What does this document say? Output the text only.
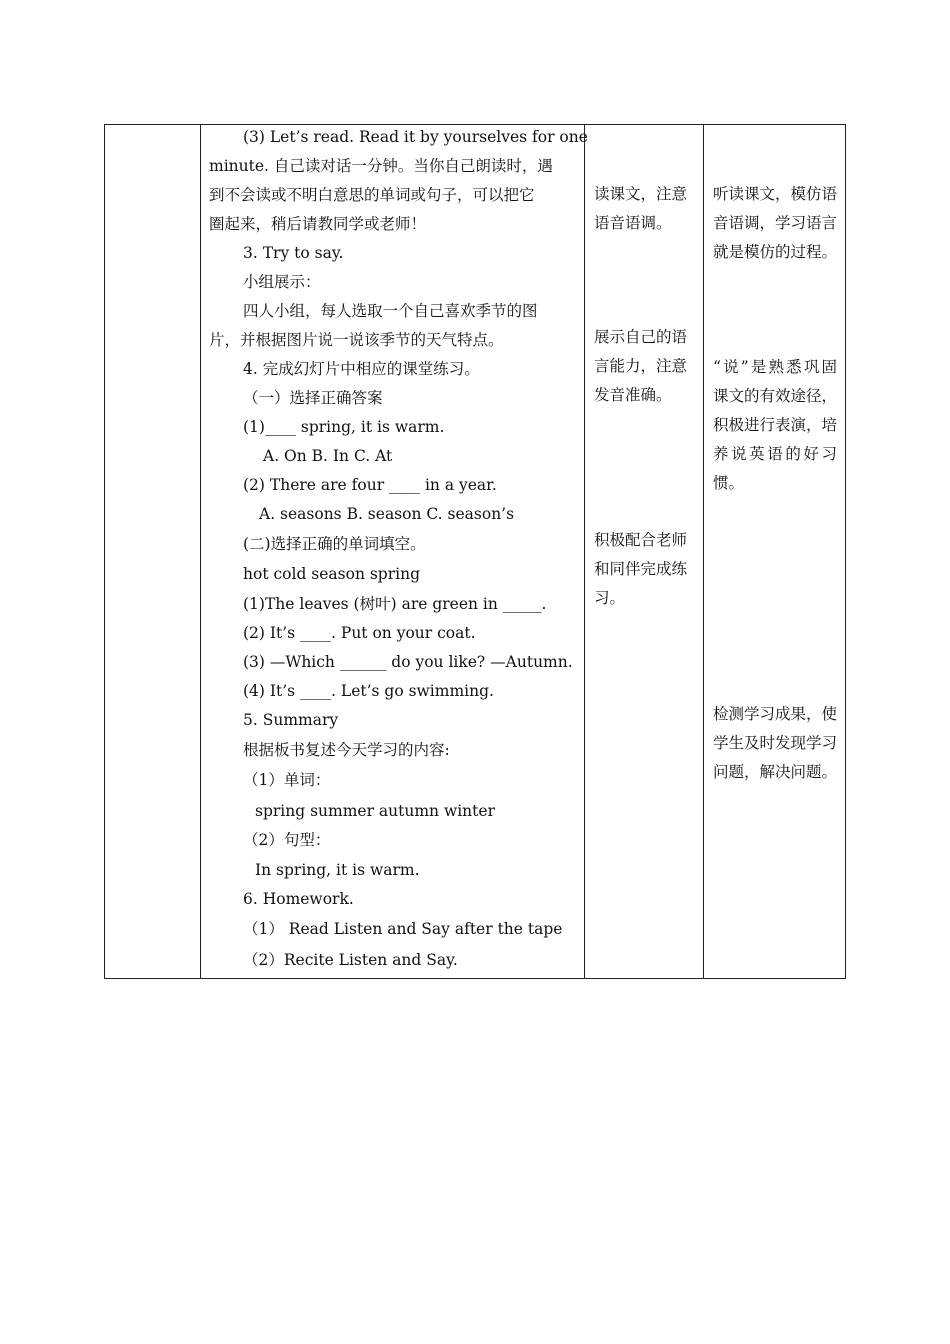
(3) Let’s read. Read it by yourselves for one
minute. 自己读对话一分钟。当你自己朗读时，遇
到不会读或不明白意思的单词或句子，可以把它
圈起来，稍后请教同学或老师！
3. Try to say.
小组展示：
四人小组，每人选取一个自己喜欢季节的图
片，并根据图片说一说该季节的天气特点。
4. 完成幻灯片中相应的课堂练习。
（一）选择正确答案
(1)____ spring, it is warm.
A. On B. In C. At
(2) There are four ____ in a year.
A. seasons B. season C. season’s
(二)选择正确的单词填空。
hot cold season spring
(1)The leaves (树叶) are green in _____.
(2) It’s ____. Put on your coat.
(3) —Which ______ do you like? —Autumn.
(4) It’s ____. Let’s go swimming.
5. Summary
根据板书复述今天学习的内容:
（1）单词：
spring summer autumn winter
（2）句型：
In spring, it is warm.
6. Homework.
（1） Read Listen and Say after the tape
（2）Recite Listen and Say.
读课文，注意语音语调。
展示自己的语言能力，注意发音准确。
积极配合老师和同伴完成练习。
听读课文，模仿语音语调，学习语言就是模仿的过程。
“说”是熟悉巩固课文的有效途径，积极进行表演，培养说英语的好习惯。
检测学习成果，使学生及时发现学习问题，解决问题。
